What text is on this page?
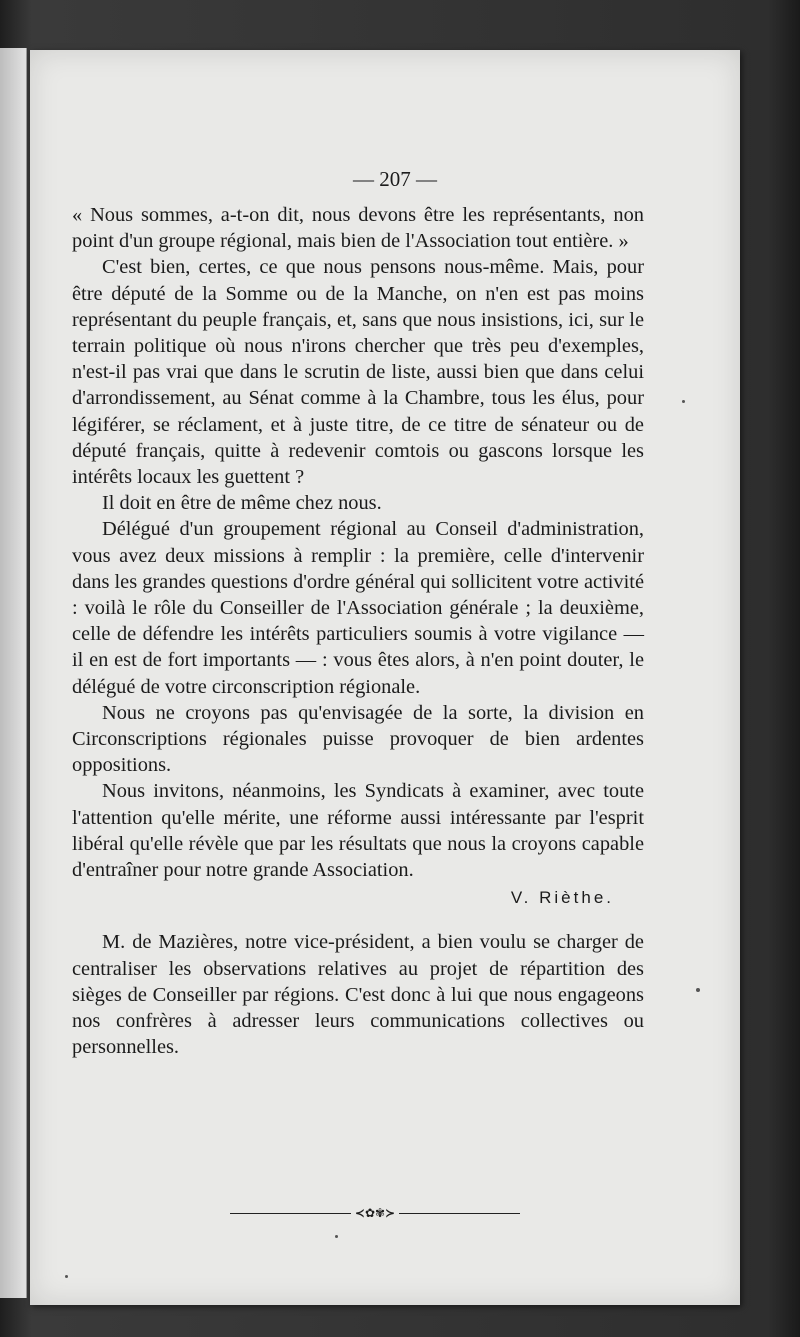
— 207 —

« Nous sommes, a-t-on dit, nous devons être les représentants, non point d'un groupe régional, mais bien de l'Association tout entière. »

C'est bien, certes, ce que nous pensons nous-même. Mais, pour être député de la Somme ou de la Manche, on n'en est pas moins représentant du peuple français, et, sans que nous insistions, ici, sur le terrain politique où nous n'irons chercher que très peu d'exemples, n'est-il pas vrai que dans le scrutin de liste, aussi bien que dans celui d'arrondissement, au Sénat comme à la Chambre, tous les élus, pour légiférer, se réclament, et à juste titre, de ce titre de sénateur ou de député français, quitte à redevenir comtois ou gascons lorsque les intérêts locaux les guettent ?

Il doit en être de même chez nous.

Délégué d'un groupement régional au Conseil d'administration, vous avez deux missions à remplir : la première, celle d'intervenir dans les grandes questions d'ordre général qui sollicitent votre activité : voilà le rôle du Conseiller de l'Association générale ; la deuxième, celle de défendre les intérêts particuliers soumis à votre vigilance — il en est de fort importants — : vous êtes alors, à n'en point douter, le délégué de votre circonscription régionale.

Nous ne croyons pas qu'envisagée de la sorte, la division en Circonscriptions régionales puisse provoquer de bien ardentes oppositions.

Nous invitons, néanmoins, les Syndicats à examiner, avec toute l'attention qu'elle mérite, une réforme aussi intéressante par l'esprit libéral qu'elle révèle que par les résultats que nous la croyons capable d'entraîner pour notre grande Association.

V. Rièthe.

M. de Mazières, notre vice-président, a bien voulu se charger de centraliser les observations relatives au projet de répartition des sièges de Conseiller par régions. C'est donc à lui que nous engageons nos confrères à adresser leurs communications collectives ou personnelles.

≺✿✾≻
